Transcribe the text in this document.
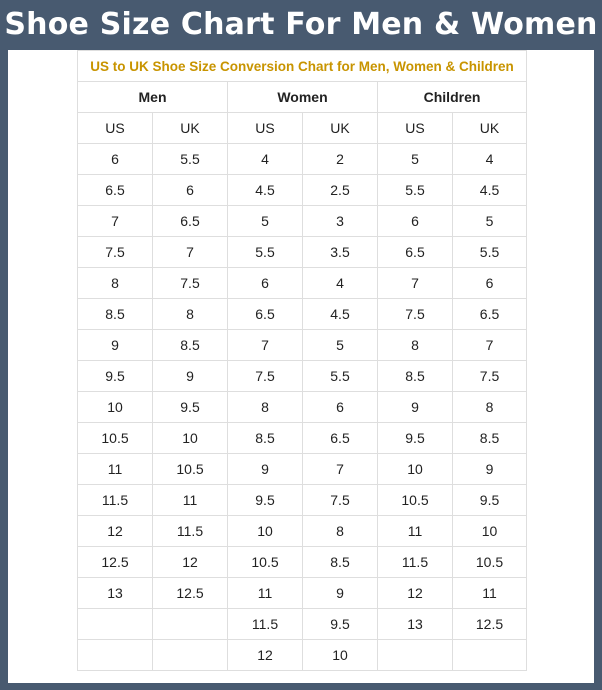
Shoe Size Chart For Men & Women
US to UK Shoe Size Conversion Chart for Men, Women & Children					
Men		Women		Children	
US	UK	US	UK	US	UK
6	5.5	4	2	5	4
6.5	6	4.5	2.5	5.5	4.5
7	6.5	5	3	6	5
7.5	7	5.5	3.5	6.5	5.5
8	7.5	6	4	7	6
8.5	8	6.5	4.5	7.5	6.5
9	8.5	7	5	8	7
9.5	9	7.5	5.5	8.5	7.5
10	9.5	8	6	9	8
10.5	10	8.5	6.5	9.5	8.5
11	10.5	9	7	10	9
11.5	11	9.5	7.5	10.5	9.5
12	11.5	10	8	11	10
12.5	12	10.5	8.5	11.5	10.5
13	12.5	11	9	12	11
		11.5	9.5	13	12.5
		12	10		
